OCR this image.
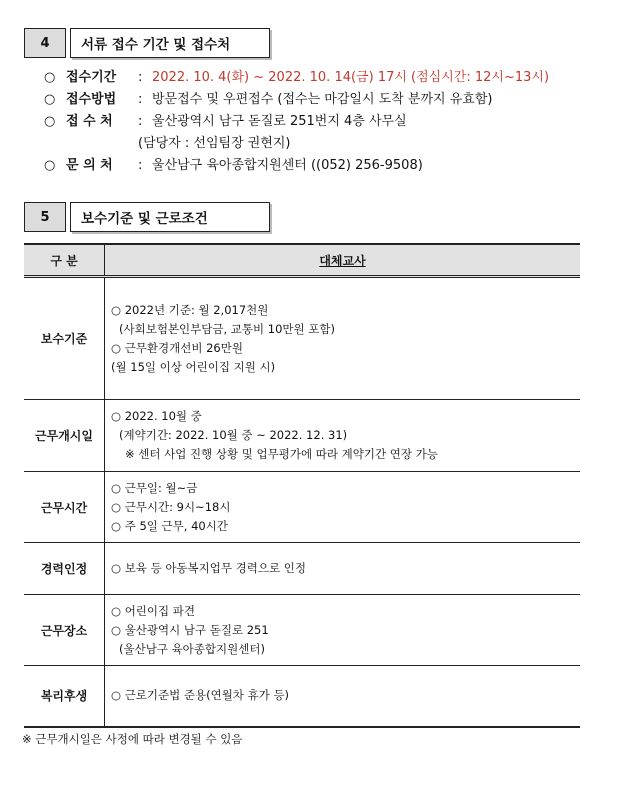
4	서류 접수 기간 및 접수처
○ 접수기간	: 2022. 10. 4(화) ~ 2022. 10. 14(금) 17시 (점심시간: 12시~13시)
○ 접수방법	: 방문접수 및 우편접수 (접수는 마감일시 도착 분까지 유효함)
○ 접 수 처	: 울산광역시 남구 돋질로 251번지 4층 사무실
(담당자 : 선임팀장 권현지)
○ 문 의 처	: 울산남구 육아종합지원센터 ((052) 256-9508)
5	보수기준 및 근로조건
구 분	대체교사
보수기준	○ 2022년 기준: 월 2,017천원
(사회보험본인부담금, 교통비 10만원 포함)
○ 근무환경개선비 26만원
(월 15일 이상 어린이집 지원 시)

근무개시일	○ 2022. 10월 중
(계약기간: 2022. 10월 중 ~ 2022. 12. 31)
※ 센터 사업 진행 상황 및 업무평가에 따라 계약기간 연장 가능

근무시간	○ 근무일: 월~금
○ 근무시간: 9시~18시
○ 주 5일 근무, 40시간

경력인정	○ 보육 등 아동복지업무 경력으로 인정

근무장소	○ 어린이집 파견
○ 울산광역시 남구 돋질로 251
(울산남구 육아종합지원센터)

복리후생	○ 근로기준법 준용(연월차 휴가 등)
※ 근무개시일은 사정에 따라 변경될 수 있음
